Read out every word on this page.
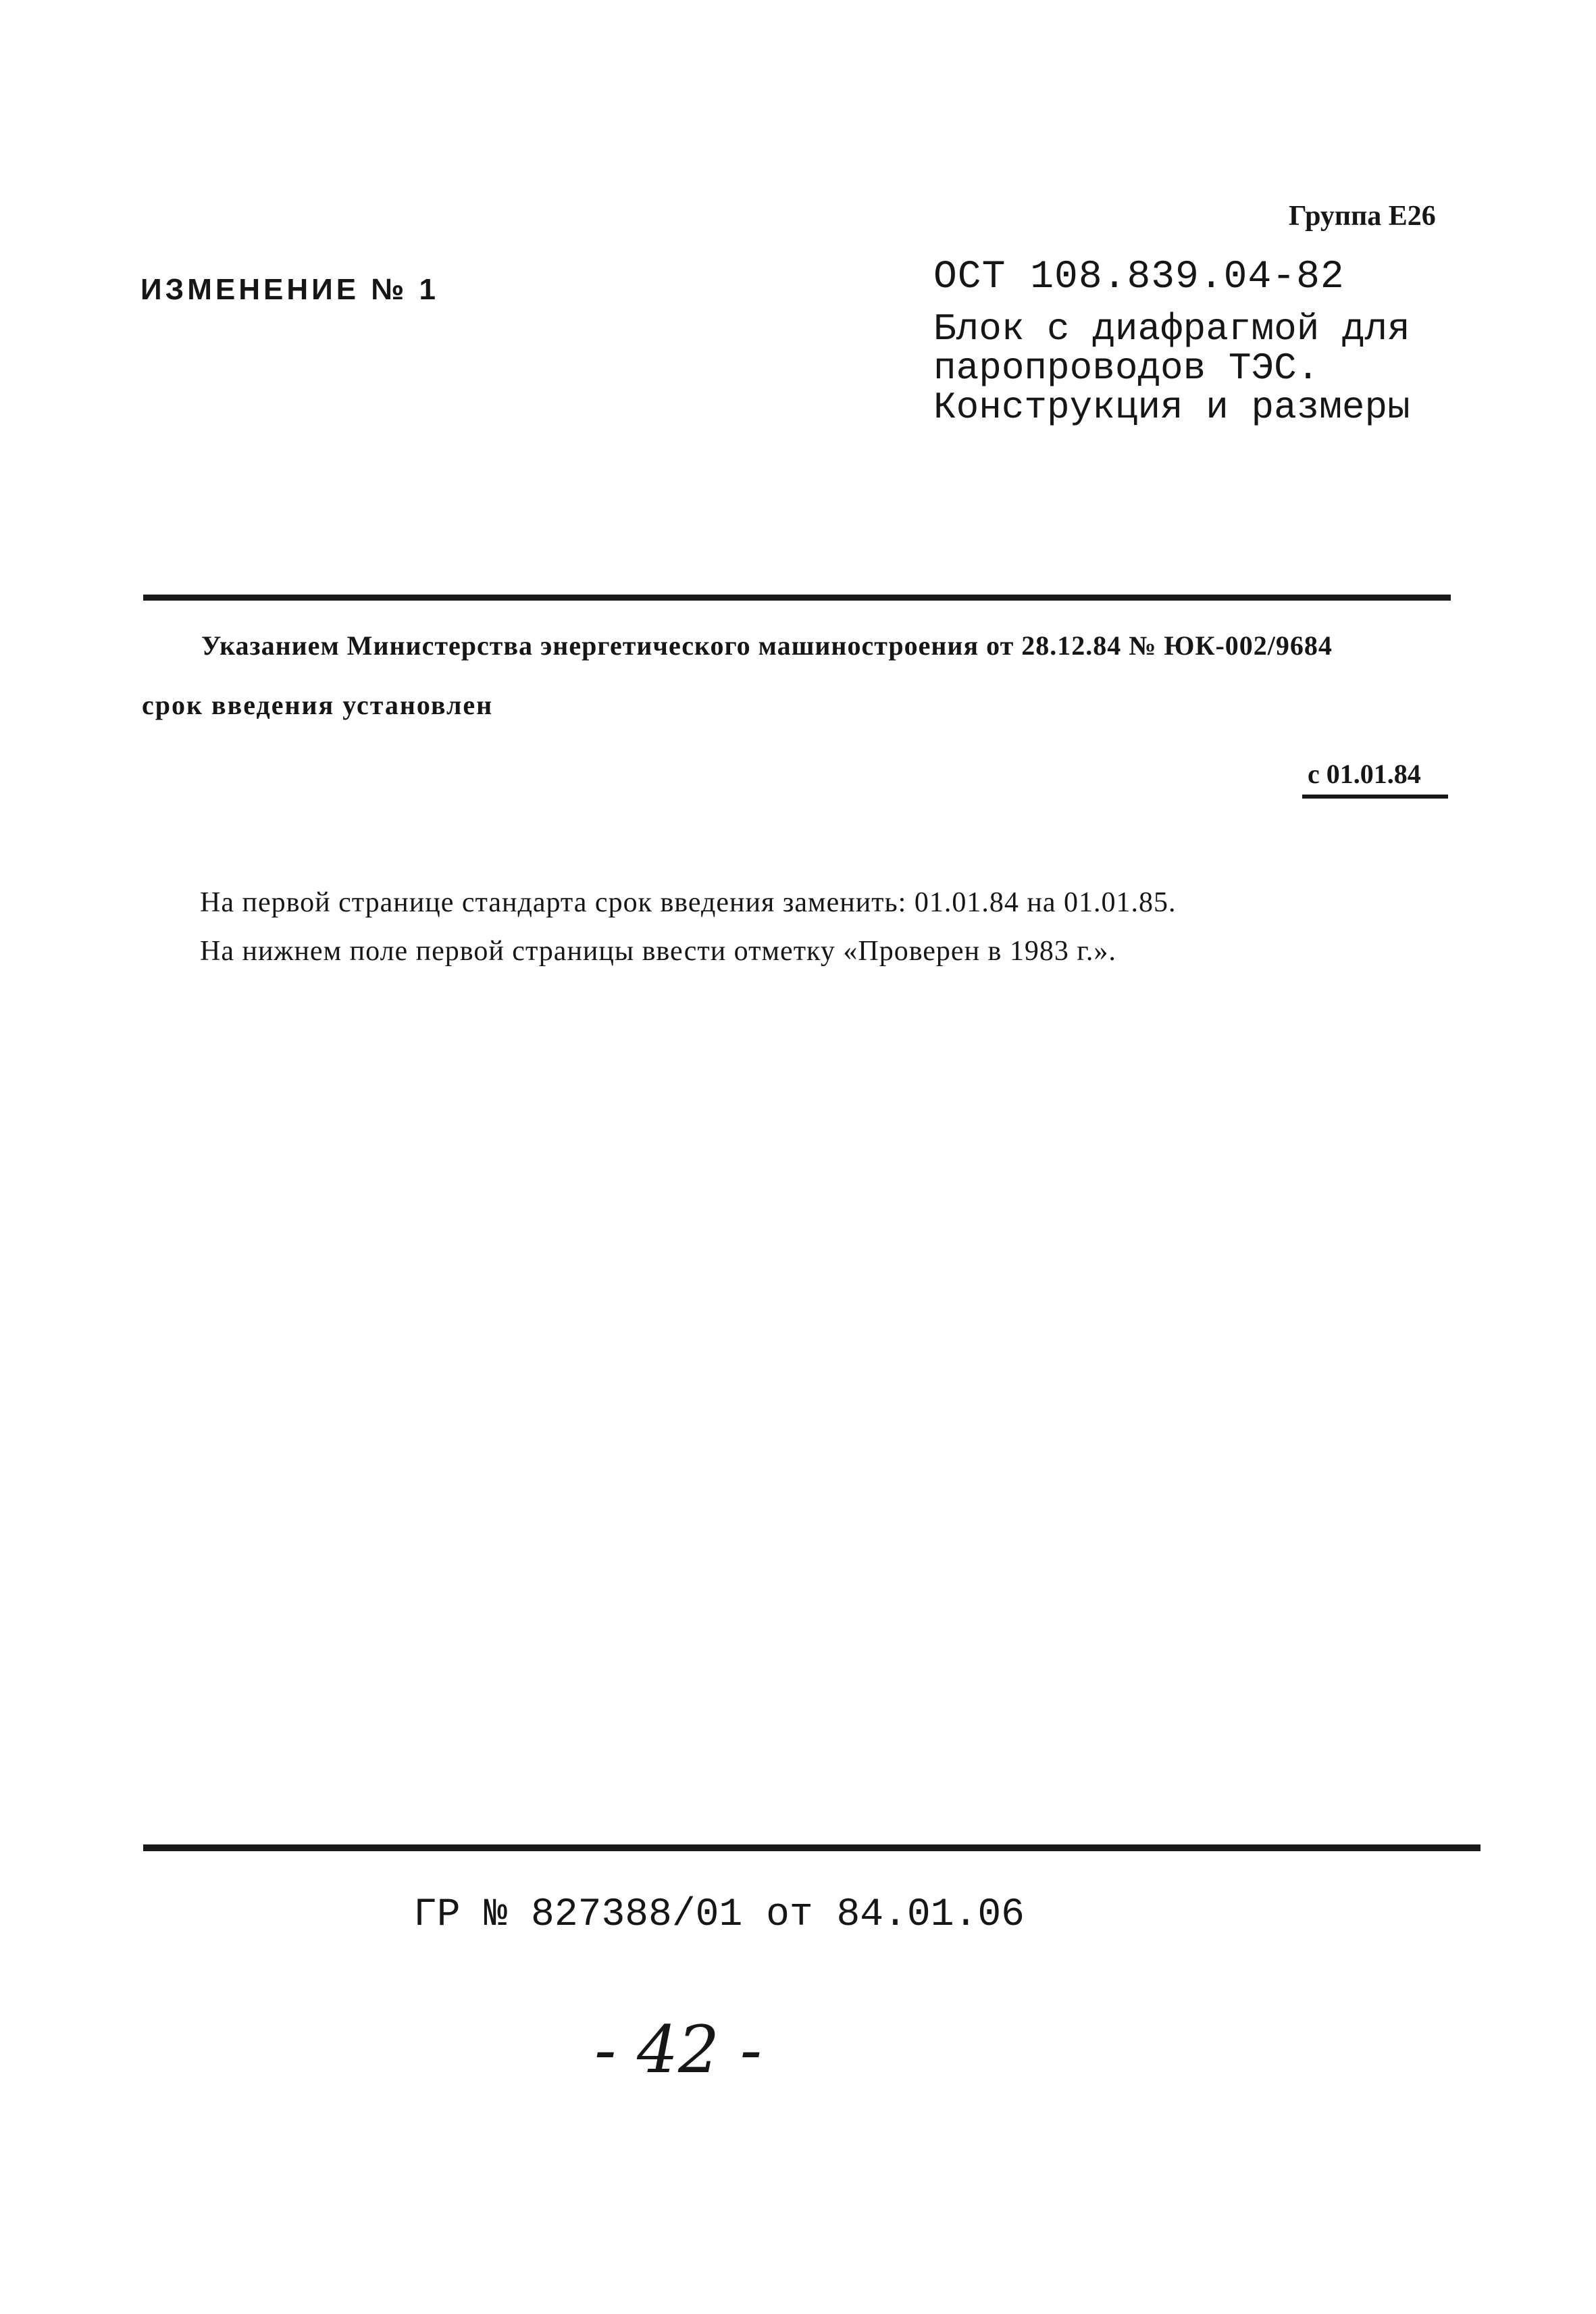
Группа Е26
ИЗМЕНЕНИЕ № 1	ОСТ 108.839.04-82
Блок с диафрагмой для
паропроводов ТЭС.
Конструкция и размеры
Указанием Министерства энергетического машиностроения от 28.12.84 № ЮК-002/9684
срок введения установлен
с 01.01.84
На первой странице стандарта срок введения заменить: 01.01.84 на 01.01.85.
На нижнем поле первой страницы ввести отметку «Проверен в 1983 г.».
ГР № 827388/01 от 84.01.06
- 42 -
